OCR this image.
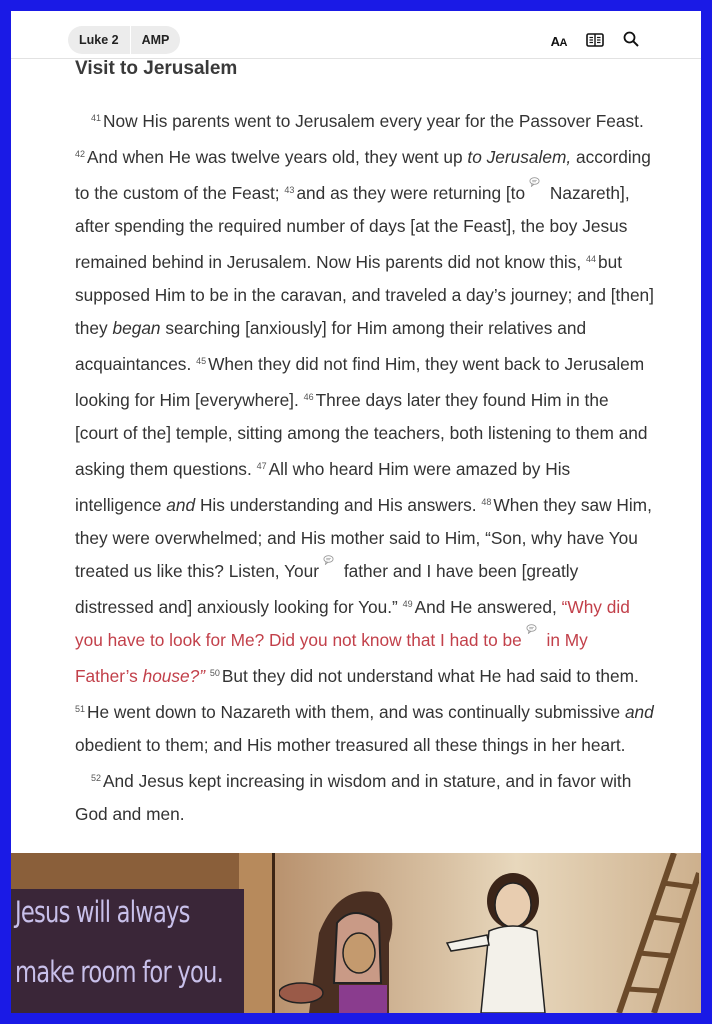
Luke 2	AMP	AA
Visit to Jerusalem

$^{41}$ Now His parents went to Jerusalem every year for the Passover Feast. $^{42}$ And when He was twelve years old, they went up to Jerusalem, according to the custom of the Feast; $^{43}$ and as they were returning [to Nazareth], after spending the required number of days [at the Feast], the boy Jesus remained behind in Jerusalem. Now His parents did not know this, $^{44}$ but supposed Him to be in the caravan, and traveled a day’s journey; and [then] they began searching [anxiously] for Him among their relatives and acquaintances. $^{45}$ When they did not find Him, they went back to Jerusalem looking for Him [everywhere]. $^{46}$ Three days later they found Him in the [court of the] temple, sitting among the teachers, both listening to them and asking them questions. $^{47}$ All who heard Him were amazed by His intelligence and His understanding and His answers. $^{48}$ When they saw Him, they were overwhelmed; and His mother said to Him, “Son, why have You treated us like this? Listen, Your father and I have been [greatly distressed and] anxiously looking for You.” $^{49}$ And He answered, “Why did you have to look for Me? Did you not know that I had to be in My Father’s house?” $^{50}$ But they did not understand what He had said to them. $^{51}$ He went down to Nazareth with them, and was continually submissive and obedient to them; and His mother treasured all these things in her heart.

$^{52}$ And Jesus kept increasing in wisdom and in stature, and in favor with God and men.

Jesus will always
make room for you.
